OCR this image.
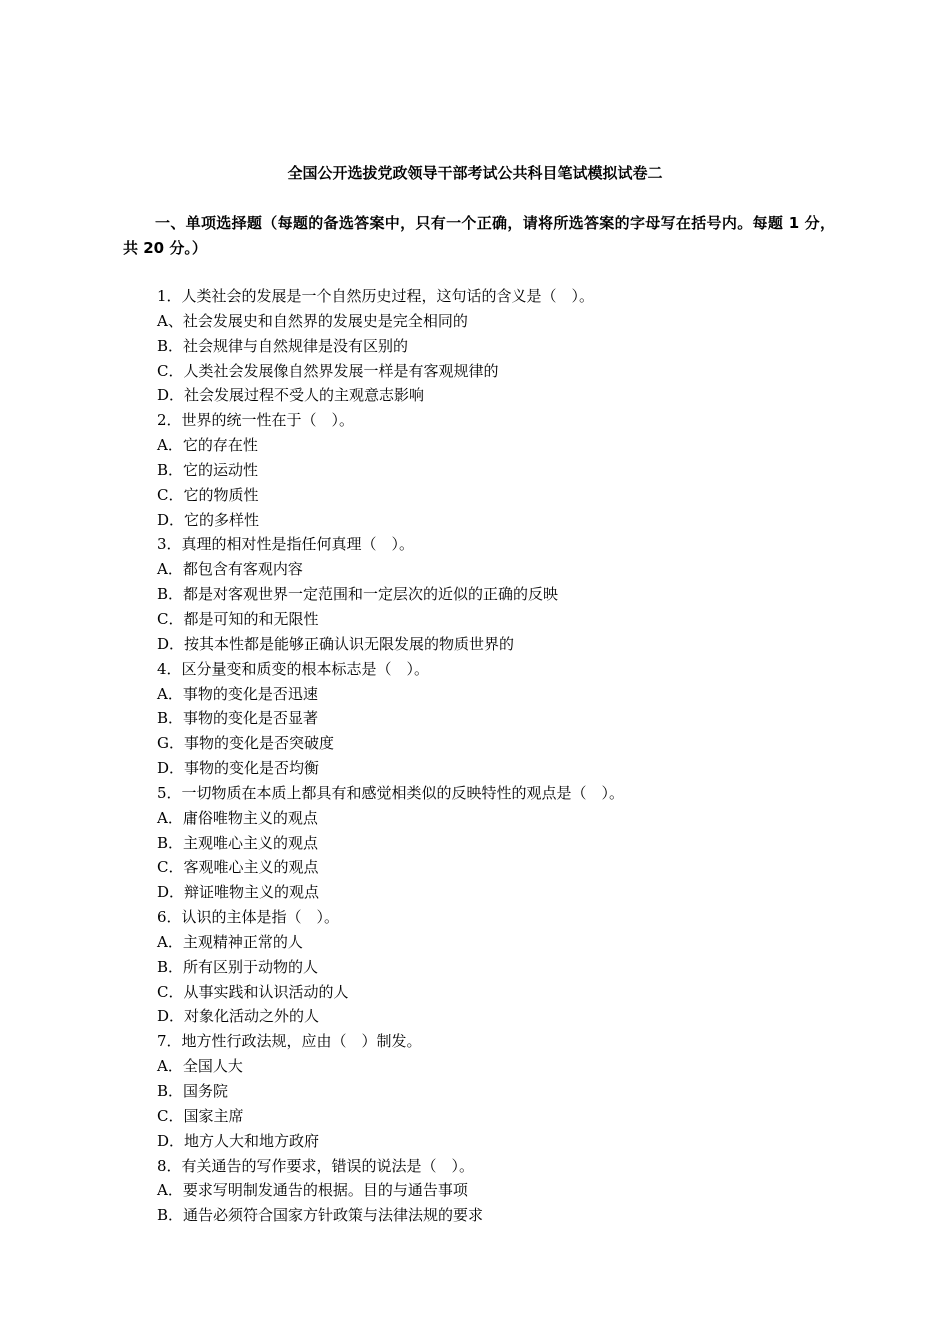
全国公开选拔党政领导干部考试公共科目笔试模拟试卷二
一、单项选择题（每题的备选答案中，只有一个正确，请将所选答案的字母写在括号内。每题 1 分，共 20 分。）
1．人类社会的发展是一个自然历史过程，这句话的含义是（　）。
A、社会发展史和自然界的发展史是完全相同的
B．社会规律与自然规律是没有区别的
C．人类社会发展像自然界发展一样是有客观规律的
D．社会发展过程不受人的主观意志影响
2．世界的统一性在于（　）。
A．它的存在性
B．它的运动性
C．它的物质性
D．它的多样性
3．真理的相对性是指任何真理（　）。
A．都包含有客观内容
B．都是对客观世界一定范围和一定层次的近似的正确的反映
C．都是可知的和无限性
D．按其本性都是能够正确认识无限发展的物质世界的
4．区分量变和质变的根本标志是（　）。
A．事物的变化是否迅速
B．事物的变化是否显著
G．事物的变化是否突破度
D．事物的变化是否均衡
5．一切物质在本质上都具有和感觉相类似的反映特性的观点是（　）。
A．庸俗唯物主义的观点
B．主观唯心主义的观点
C．客观唯心主义的观点
D．辩证唯物主义的观点
6．认识的主体是指（　）。
A．主观精神正常的人
B．所有区别于动物的人
C．从事实践和认识活动的人
D．对象化活动之外的人
7．地方性行政法规，应由（　）制发。
A．全国人大
B．国务院
C．国家主席
D．地方人大和地方政府
8．有关通告的写作要求，错误的说法是（　）。
A．要求写明制发通告的根据。目的与通告事项
B．通告必须符合国家方针政策与法律法规的要求
